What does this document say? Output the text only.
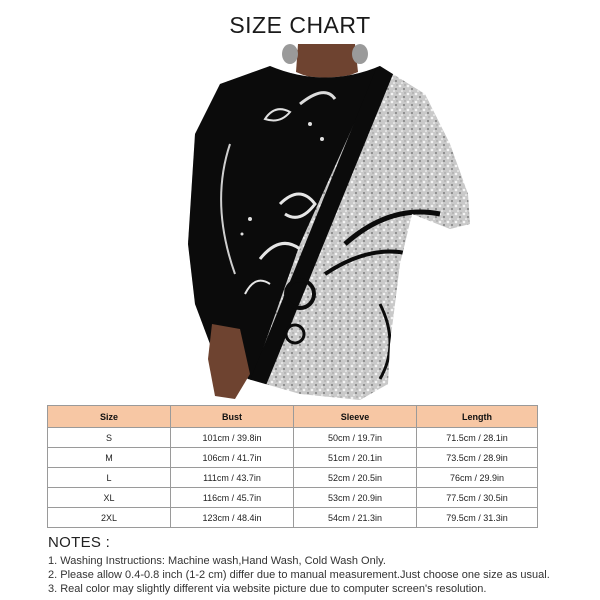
SIZE CHART
Size	Bust	Sleeve	Length
S	101cm / 39.8in	50cm / 19.7in	71.5cm / 28.1in
M	106cm / 41.7in	51cm / 20.1in	73.5cm / 28.9in
L	111cm / 43.7in	52cm / 20.5in	76cm / 29.9in
XL	116cm / 45.7in	53cm / 20.9in	77.5cm / 30.5in
2XL	123cm / 48.4in	54cm / 21.3in	79.5cm / 31.3in
NOTES :
1. Washing Instructions: Machine wash,Hand Wash, Cold Wash Only.
2. Please allow 0.4-0.8 inch (1-2 cm) differ due to manual measurement.Just choose one size as usual.
3. Real color may slightly different via website picture due to computer screen's resolution.
